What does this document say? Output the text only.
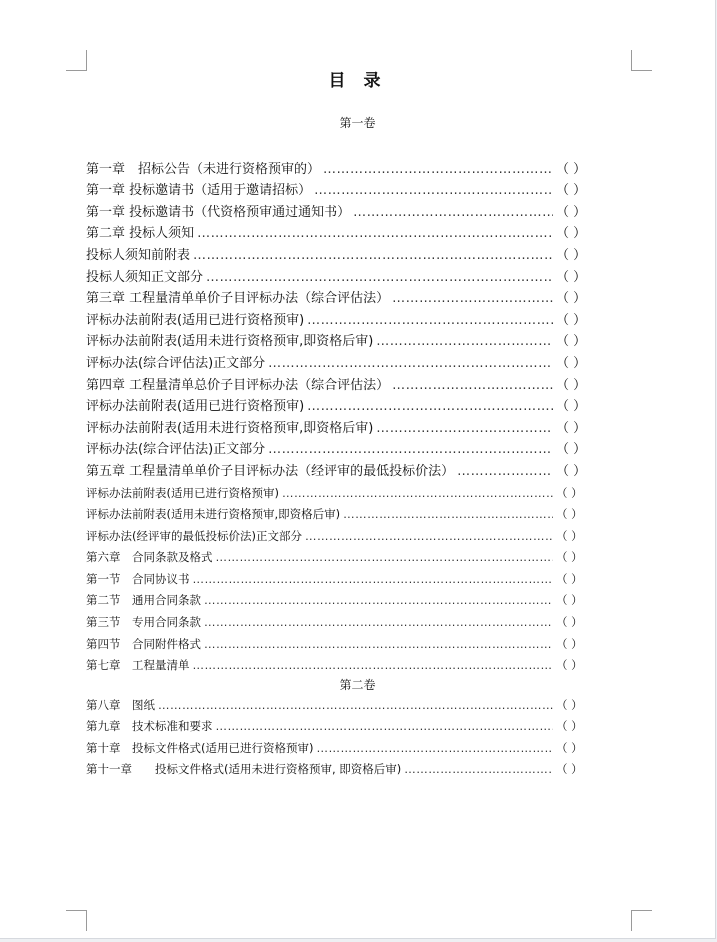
目 录
第一卷
第一章　招标公告（未进行资格预审的） …………………………………………………………………………………………………………………………………………………………………………	（ ）
第一章 投标邀请书（适用于邀请招标） …………………………………………………………………………………………………………………………………………………………………………	（ ）
第一章 投标邀请书（代资格预审通过通知书） …………………………………………………………………………………………………………………………………………………………………………	（ ）
第二章 投标人须知 …………………………………………………………………………………………………………………………………………………………………………	（ ）
投标人须知前附表 …………………………………………………………………………………………………………………………………………………………………………	（ ）
投标人须知正文部分 …………………………………………………………………………………………………………………………………………………………………………	（ ）
第三章 工程量清单单价子目评标办法（综合评估法） …………………………………………………………………………………………………………………………………………………………………………	（ ）
评标办法前附表(适用已进行资格预审) …………………………………………………………………………………………………………………………………………………………………………	（ ）
评标办法前附表(适用未进行资格预审,即资格后审) …………………………………………………………………………………………………………………………………………………………………………	（ ）
评标办法(综合评估法)正文部分 …………………………………………………………………………………………………………………………………………………………………………	（ ）
第四章 工程量清单总价子目评标办法（综合评估法） …………………………………………………………………………………………………………………………………………………………………………	（ ）
评标办法前附表(适用已进行资格预审) …………………………………………………………………………………………………………………………………………………………………………	（ ）
评标办法前附表(适用未进行资格预审,即资格后审) …………………………………………………………………………………………………………………………………………………………………………	（ ）
评标办法(综合评估法)正文部分 …………………………………………………………………………………………………………………………………………………………………………	（ ）
第五章 工程量清单单价子目评标办法（经评审的最低投标价法） …………………………………………………………………………………………………………………………………………………………………………	（ ）
评标办法前附表(适用已进行资格预审) …………………………………………………………………………………………………………………………………………………………………………	（ ）
评标办法前附表(适用未进行资格预审,即资格后审) …………………………………………………………………………………………………………………………………………………………………………	（ ）
评标办法(经评审的最低投标价法)正文部分 …………………………………………………………………………………………………………………………………………………………………………	（ ）
第六章　合同条款及格式 …………………………………………………………………………………………………………………………………………………………………………	（ ）
第一节　合同协议书 …………………………………………………………………………………………………………………………………………………………………………	（ ）
第二节　通用合同条款 …………………………………………………………………………………………………………………………………………………………………………	（ ）
第三节　专用合同条款 …………………………………………………………………………………………………………………………………………………………………………	（ ）
第四节　合同附件格式 …………………………………………………………………………………………………………………………………………………………………………	（ ）
第七章　工程量清单 …………………………………………………………………………………………………………………………………………………………………………	（ ）
第二卷
第八章　图纸 …………………………………………………………………………………………………………………………………………………………………………	（ ）
第九章　技术标准和要求 …………………………………………………………………………………………………………………………………………………………………………	（ ）
第十章　投标文件格式(适用已进行资格预审) …………………………………………………………………………………………………………………………………………………………………………	（ ）
第十一章　　投标文件格式(适用未进行资格预审, 即资格后审) …………………………………………………………………………………………………………………………………………………………………………	（ ）
